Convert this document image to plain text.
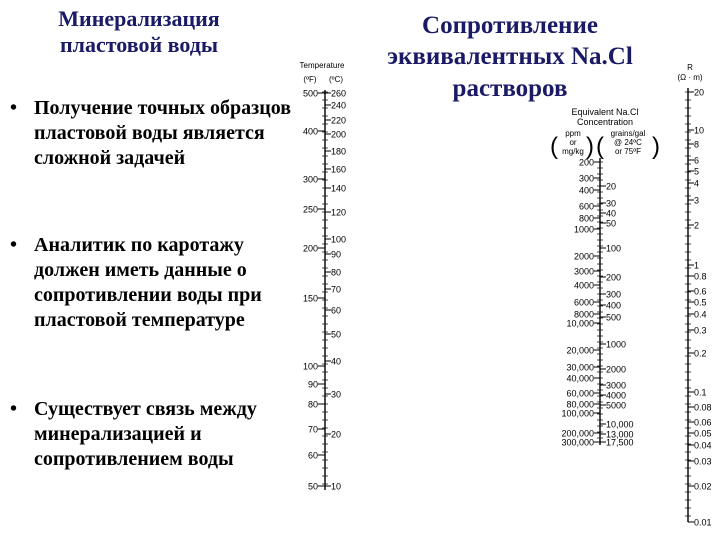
Минерализация
пластовой воды
Сопротивление
эквивалентных Na.Cl
растворов
• Получение точных образцов пластовой воды является сложной задачей
• Аналитик по каротажу должен иметь данные о сопротивлении воды при пластовой температуре
• Существует связь между минерализацией и сопротивлением воды
Temperature
(ºF) (ºC)
500
400
300
250
200
150
100
90
80
70
60
50
260
240
220
200
180
160
140
120
100
90
80
70
60
50
40
30
20
10
Equivalent Na.Cl
Concentration
( ) ( )
ppm
or
mg/kg
grains/gal
@ 24ºC
or 75ºF
200
300
400
600
800
1000
2000
3000
4000
6000
8000
10,000
20,000
30,000
40,000
60,000
80,000
100,000
200,000
300,000
20
30
40
50
100
200
300
400
500
1000
2000
3000
4000
5000
10,000
13,000
17,500
R
(Ω · m)
20
10
8
6
5
4
3
2
1
0.8
0.6
0.5
0.4
0.3
0.2
0.1
0.08
0.06
0.05
0.04
0.03
0.02
0.01
